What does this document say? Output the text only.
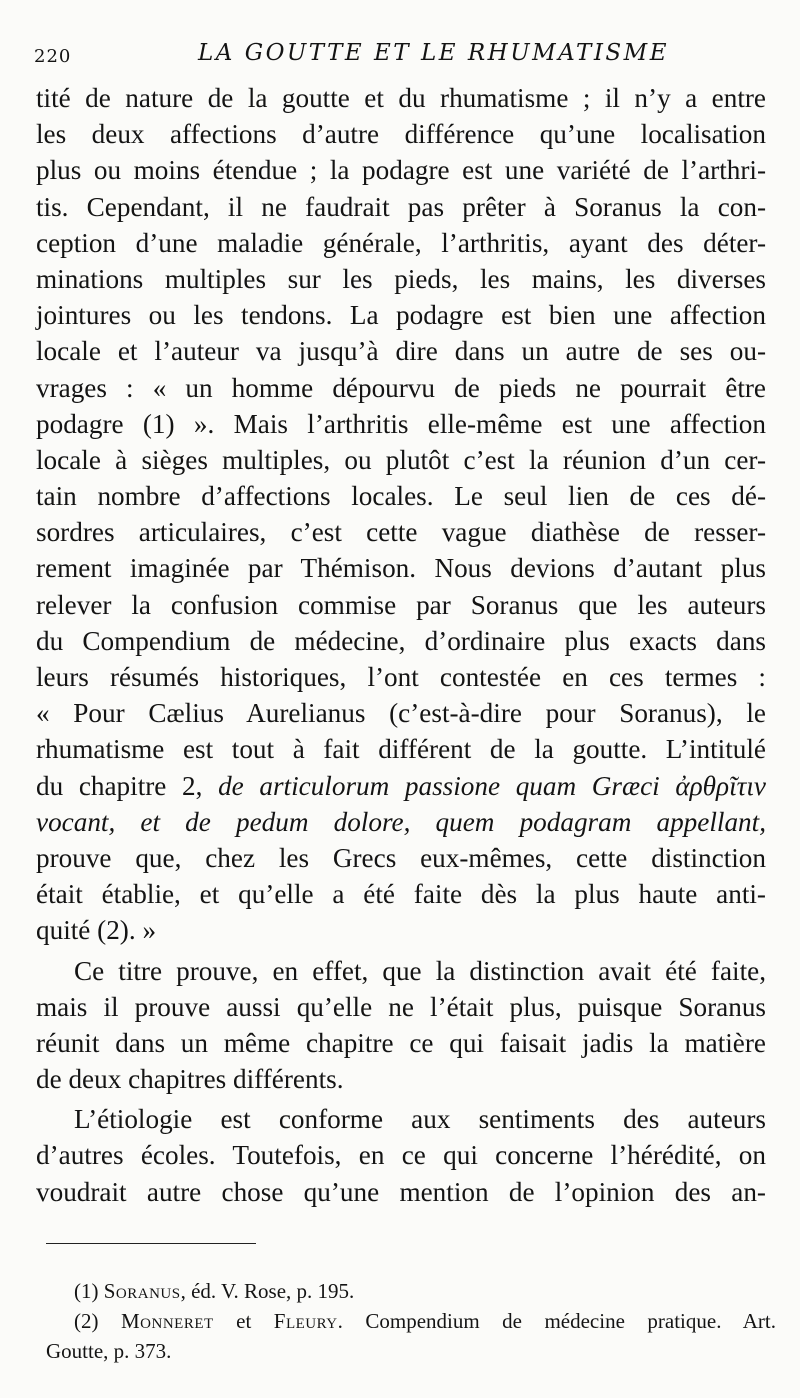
220	LA GOUTTE ET LE RHUMATISME
tité de nature de la goutte et du rhumatisme ; il n’y a entre
les deux affections d’autre différence qu’une localisation
plus ou moins étendue ; la podagre est une variété de l’arthri-
tis. Cependant, il ne faudrait pas prêter à Soranus la con-
ception d’une maladie générale, l’arthritis, ayant des déter-
minations multiples sur les pieds, les mains, les diverses
jointures ou les tendons. La podagre est bien une affection
locale et l’auteur va jusqu’à dire dans un autre de ses ou-
vrages : « un homme dépourvu de pieds ne pourrait être
podagre (1) ». Mais l’arthritis elle-même est une affection
locale à sièges multiples, ou plutôt c’est la réunion d’un cer-
tain nombre d’affections locales. Le seul lien de ces dé-
sordres articulaires, c’est cette vague diathèse de resser-
rement imaginée par Thémison. Nous devions d’autant plus
relever la confusion commise par Soranus que les auteurs
du Compendium de médecine, d’ordinaire plus exacts dans
leurs résumés historiques, l’ont contestée en ces termes :
« Pour Cælius Aurelianus (c’est-à-dire pour Soranus), le
rhumatisme est tout à fait différent de la goutte. L’intitulé
du chapitre 2, de articulorum passione quam Græci ἀρθρῖτιν
vocant, et de pedum dolore, quem podagram appellant,
prouve que, chez les Grecs eux-mêmes, cette distinction
était établie, et qu’elle a été faite dès la plus haute anti-
quité (2). »
Ce titre prouve, en effet, que la distinction avait été faite,
mais il prouve aussi qu’elle ne l’était plus, puisque Soranus
réunit dans un même chapitre ce qui faisait jadis la matière
de deux chapitres différents.
L’étiologie est conforme aux sentiments des auteurs
d’autres écoles. Toutefois, en ce qui concerne l’hérédité, on
voudrait autre chose qu’une mention de l’opinion des an-
(1) Soranus, éd. V. Rose, p. 195.
(2) Monneret et Fleury. Compendium de médecine pratique. Art.
Goutte, p. 373.
